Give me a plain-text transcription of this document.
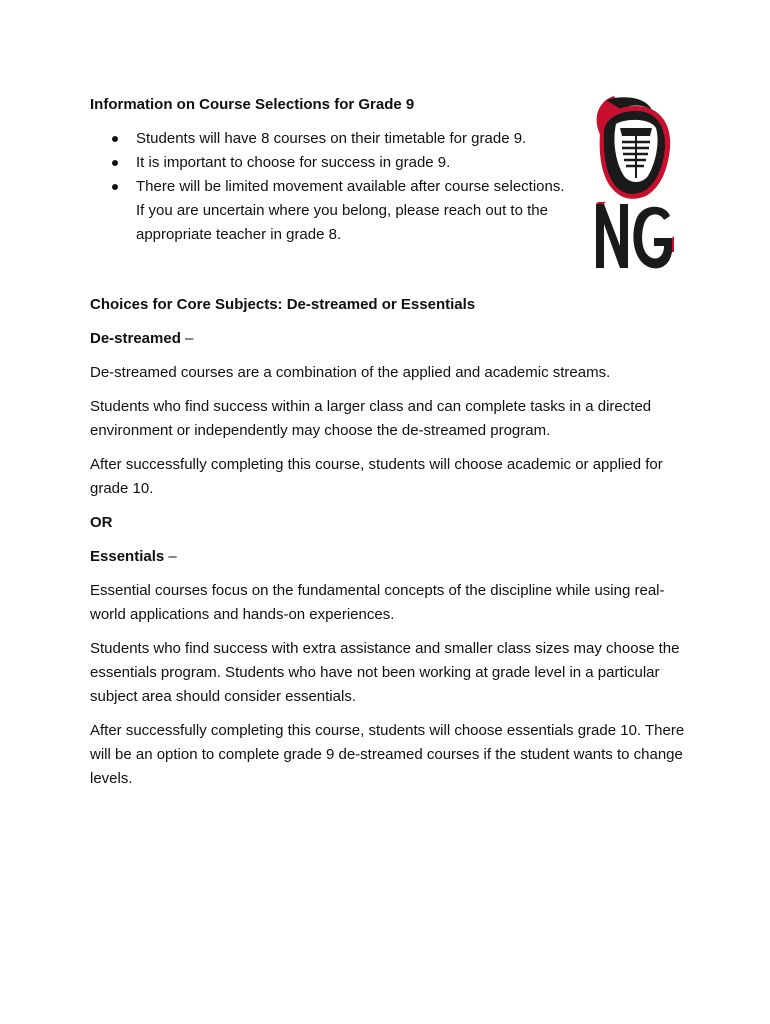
Information on Course Selections for Grade 9
Students will have 8 courses on their timetable for grade 9.
It is important to choose for success in grade 9.
There will be limited movement available after course selections. If you are uncertain where you belong, please reach out to the appropriate teacher in grade 8.

Choices for Core Subjects: De-streamed or Essentials

De-streamed –

De-streamed courses are a combination of the applied and academic streams.

Students who find success within a larger class and can complete tasks in a directed environment or independently may choose the de-streamed program.

After successfully completing this course, students will choose academic or applied for grade 10.

OR

Essentials –

Essential courses focus on the fundamental concepts of the discipline while using real-world applications and hands-on experiences.

Students who find success with extra assistance and smaller class sizes may choose the essentials program. Students who have not been working at grade level in a particular subject area should consider essentials.

After successfully completing this course, students will choose essentials grade 10. There will be an option to complete grade 9 de-streamed courses if the student wants to change levels.
